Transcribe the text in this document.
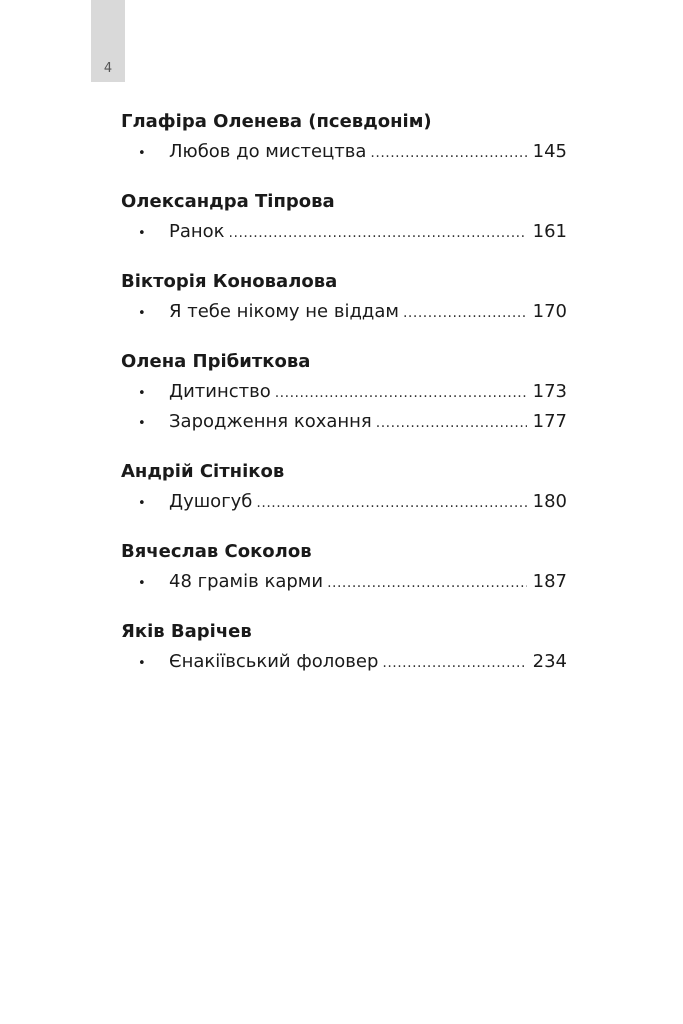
4
Глафіра Оленева (псевдонім)
•	Любов до мистецтва .....	145
Олександра Тіпрова
•	Ранок .....	161
Вікторія Коновалова
•	Я тебе нікому не віддам .....	170
Олена Прібиткова
•	Дитинство .....	173
•	Зародження кохання .....	177
Андрій Сітніков
•	Душогуб .....	180
Вячеслав Соколов
•	48 грамів карми .....	187
Яків Варічев
•	Єнакіївський фоловер .....	234
